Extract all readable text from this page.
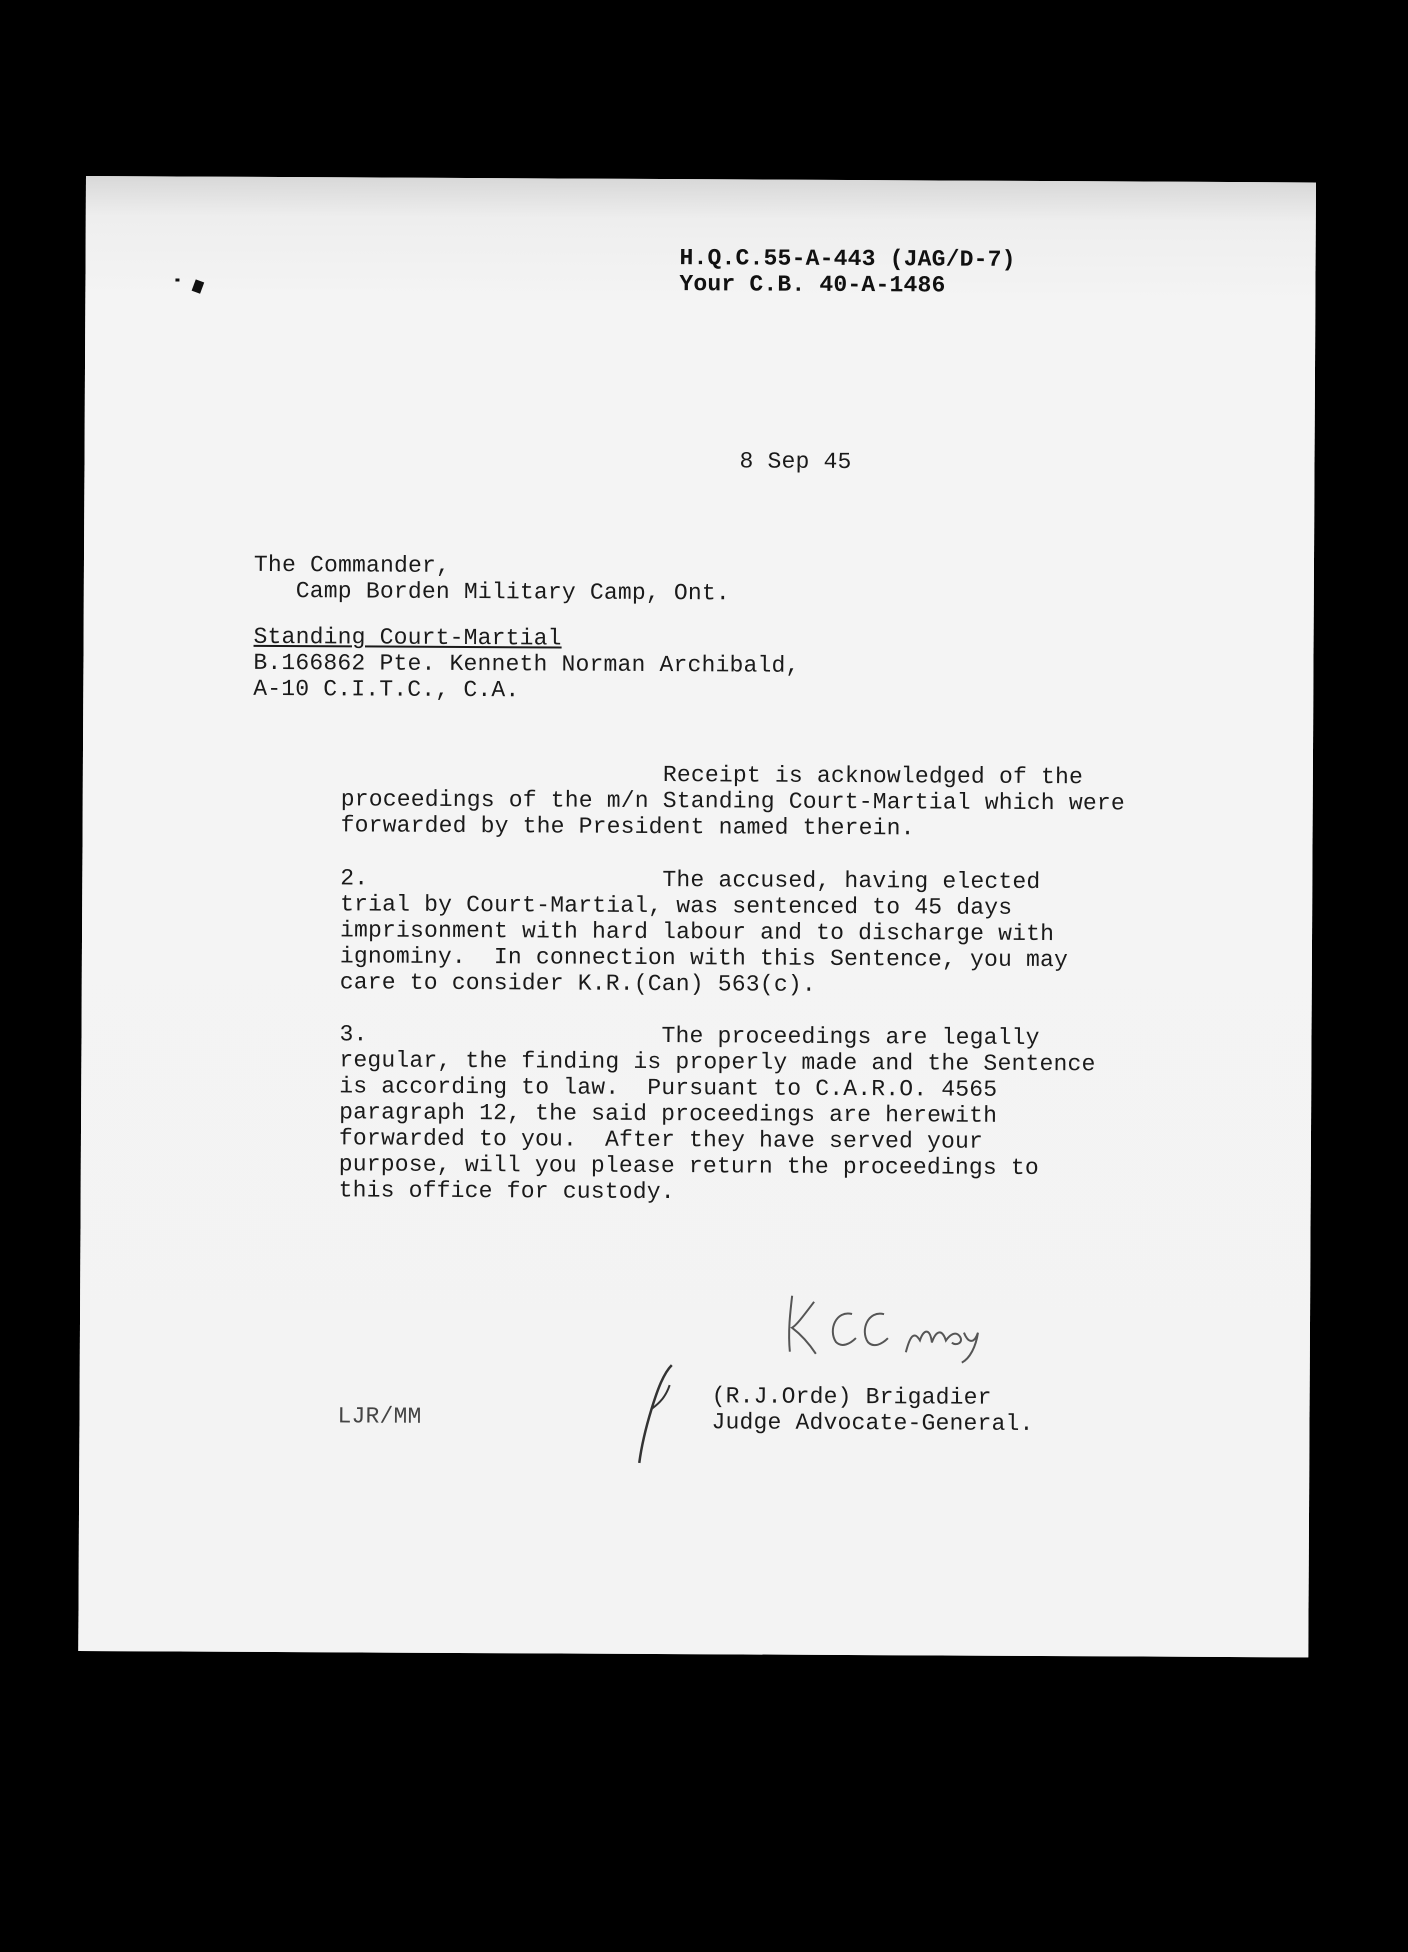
H.Q.C.55-A-443 (JAG/D-7)
Your C.B. 40-A-1486
8 Sep 45
The Commander,
Camp Borden Military Camp, Ont.
Standing Court-Martial
B.166862 Pte. Kenneth Norman Archibald,
A-10 C.I.T.C., C.A.
Receipt is acknowledged of the
proceedings of the m/n Standing Court-Martial which were
forwarded by the President named therein.
2.                     The accused, having elected
trial by Court-Martial, was sentenced to 45 days
imprisonment with hard labour and to discharge with
ignominy.  In connection with this Sentence, you may
care to consider K.R.(Can) 563(c).
3.                     The proceedings are legally
regular, the finding is properly made and the Sentence
is according to law.  Pursuant to C.A.R.O. 4565
paragraph 12, the said proceedings are herewith
forwarded to you.  After they have served your
purpose, will you please return the proceedings to
this office for custody.
(R.J.Orde) Brigadier
Judge Advocate-General.
LJR/MM
